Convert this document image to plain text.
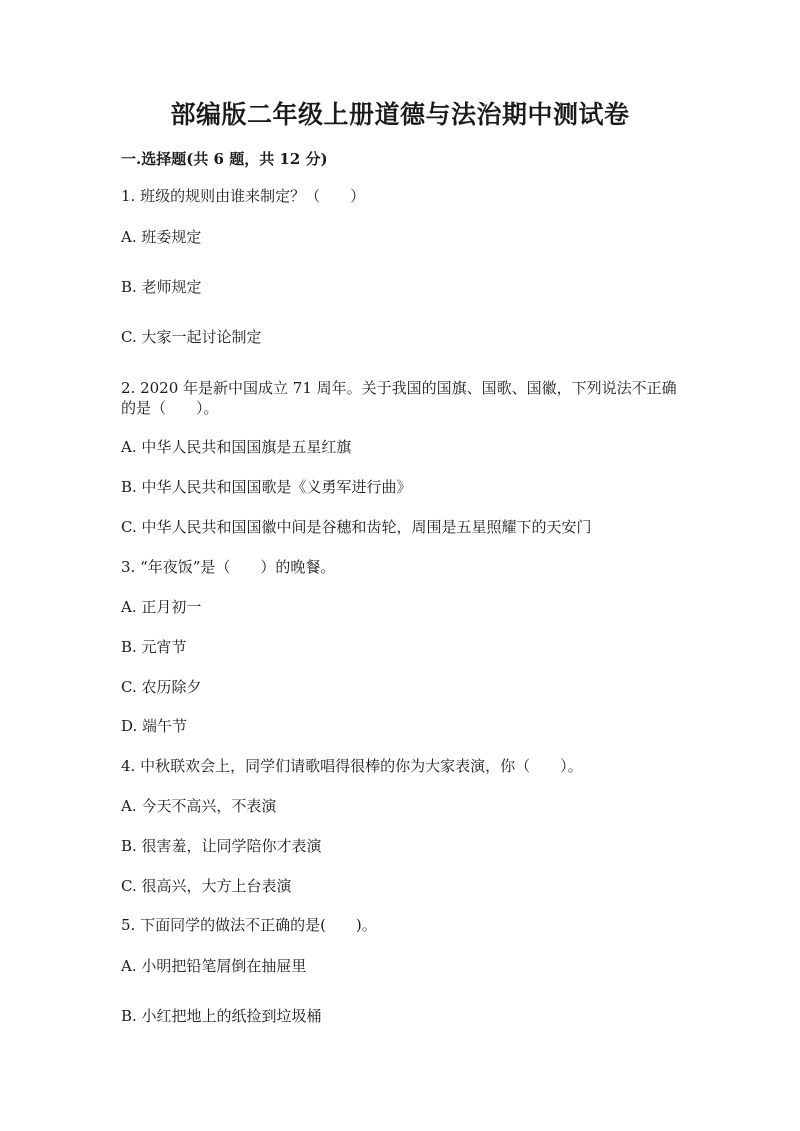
部编版二年级上册道德与法治期中测试卷
一.选择题(共 6 题，共 12 分)
1. 班级的规则由谁来制定？（　　）
A. 班委规定
B. 老师规定
C. 大家一起讨论制定
2. 2020 年是新中国成立 71 周年。关于我国的国旗、国歌、国徽，下列说法不正确的是（　　）。
A. 中华人民共和国国旗是五星红旗
B. 中华人民共和国国歌是《义勇军进行曲》
C. 中华人民共和国国徽中间是谷穗和齿轮，周围是五星照耀下的天安门
3. “年夜饭”是（　　）的晚餐。
A. 正月初一
B. 元宵节
C. 农历除夕
D. 端午节
4. 中秋联欢会上，同学们请歌唱得很棒的你为大家表演，你（　　）。
A. 今天不高兴，不表演
B. 很害羞，让同学陪你才表演
C. 很高兴，大方上台表演
5. 下面同学的做法不正确的是(　　)。
A. 小明把铅笔屑倒在抽屉里
B. 小红把地上的纸捡到垃圾桶
